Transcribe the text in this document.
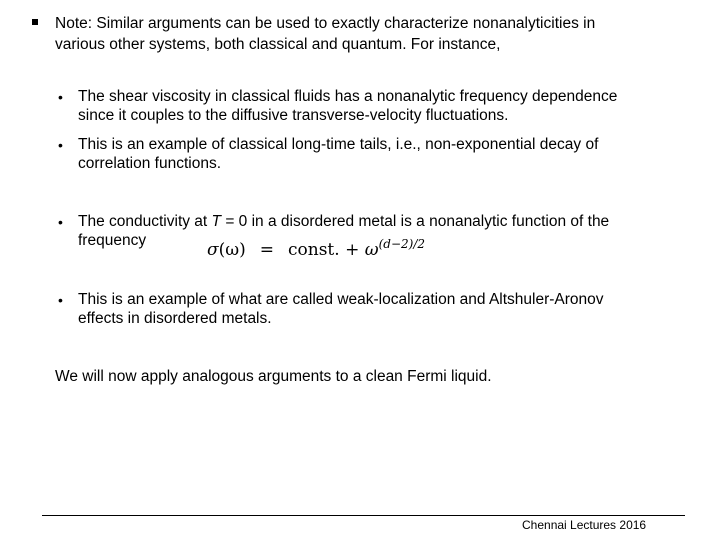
Note: Similar arguments can be used to exactly characterize nonanalyticities in
various other systems, both classical and quantum. For instance,
• The shear viscosity in classical fluids has a nonanalytic frequency dependence
since it couples to the diffusive transverse-velocity fluctuations.
• This is an example of classical long-time tails, i.e., non-exponential decay of
correlation functions.
• The conductivity at T = 0 in a disordered metal is a nonanalytic function of the
frequency	σ(ω) = const. + $\omega^{(d-2)/2}$
• This is an example of what are called weak-localization and Altshuler-Aronov
effects in disordered metals.
We will now apply analogous arguments to a clean Fermi liquid.
Chennai Lectures 2016
